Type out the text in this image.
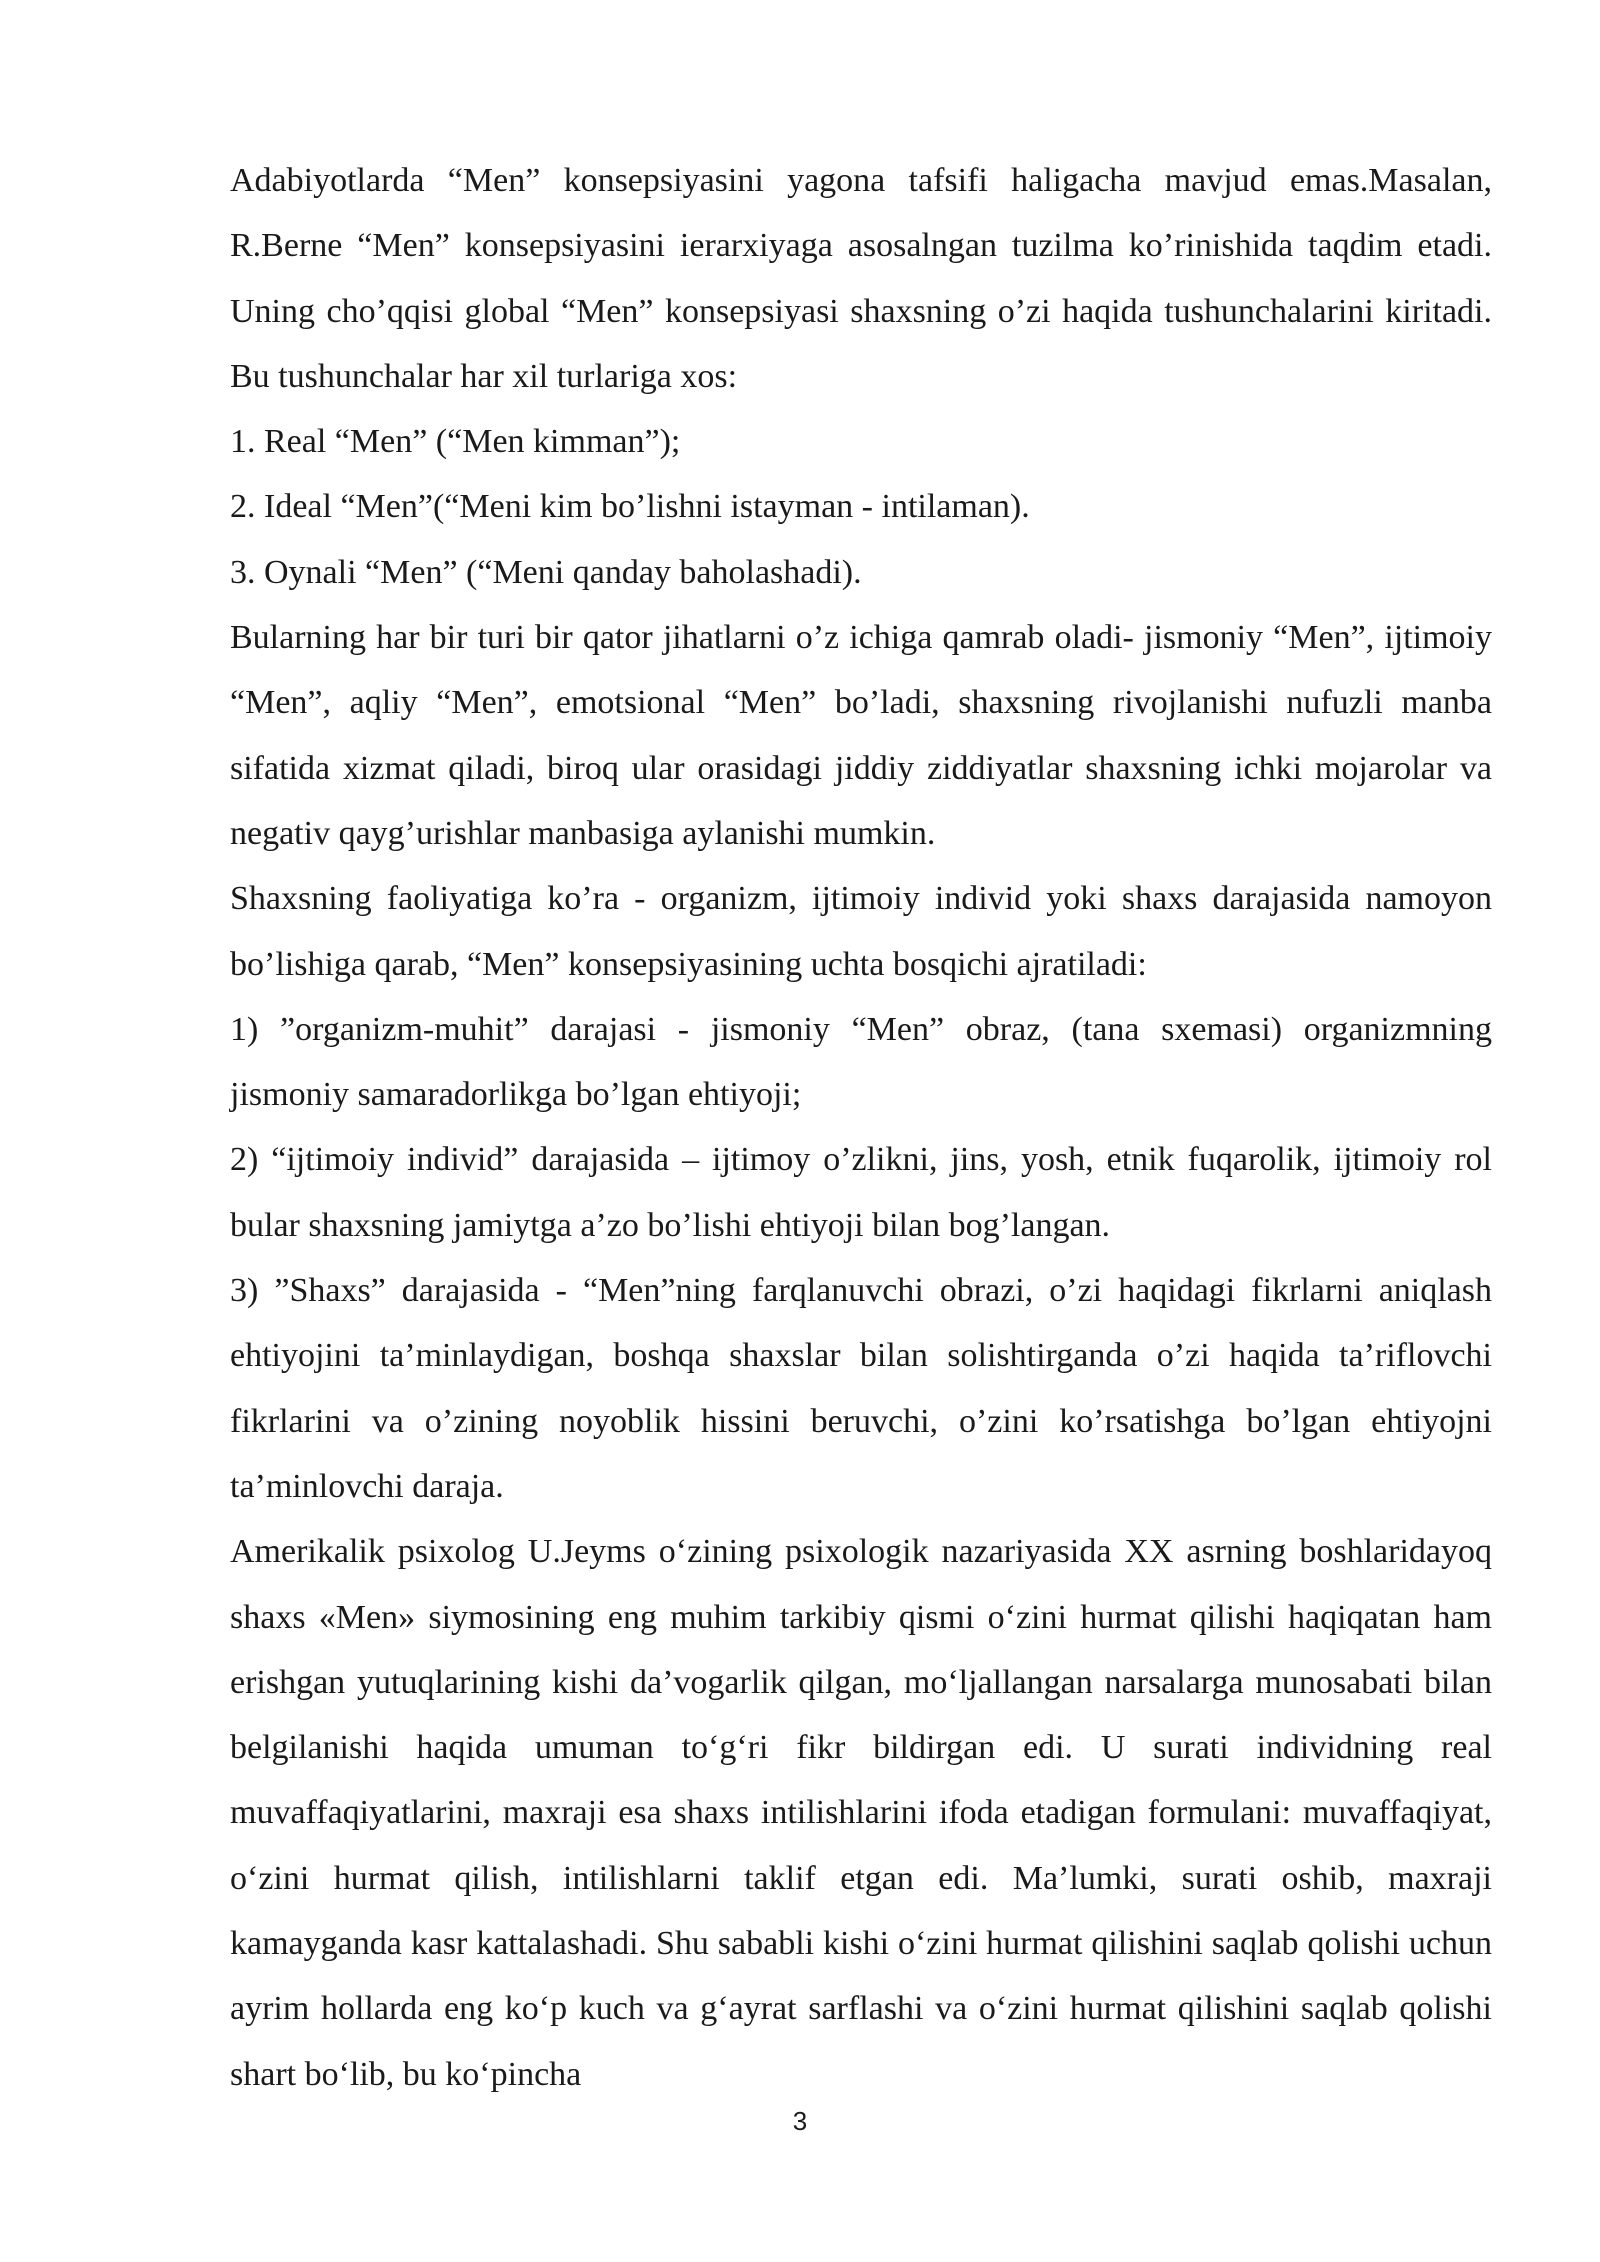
Adabiyotlarda “Men” konsepsiyasini yagona tafsifi haligacha mavjud emas.Masalan, R.Berne “Men” konsepsiyasini ierarxiyaga asosalngan tuzilma ko’rinishida taqdim etadi. Uning cho’qqisi global “Men” konsepsiyasi shaxsning o’zi haqida tushunchalarini kiritadi. Bu tushunchalar har xil turlariga xos:

1. Real “Men” (“Men kimman”);

2. Ideal “Men”(“Meni kim bo’lishni istayman - intilaman).

3. Oynali “Men” (“Meni qanday baholashadi).

Bularning har bir turi bir qator jihatlarni o’z ichiga qamrab oladi- jismoniy “Men”, ijtimoiy “Men”, aqliy “Men”, emotsional “Men” bo’ladi, shaxsning rivojlanishi nufuzli manba sifatida xizmat qiladi, biroq ular orasidagi jiddiy ziddiyatlar shaxsning ichki mojarolar va negativ qayg’urishlar manbasiga aylanishi mumkin.

Shaxsning faoliyatiga ko’ra - organizm, ijtimoiy individ yoki shaxs darajasida namoyon bo’lishiga qarab, “Men” konsepsiyasining uchta bosqichi ajratiladi:

1) ”organizm-muhit” darajasi - jismoniy “Men” obraz, (tana sxemasi) organizmning jismoniy samaradorlikga bo’lgan ehtiyoji;

2) “ijtimoiy individ” darajasida – ijtimoy o’zlikni, jins, yosh, etnik fuqarolik, ijtimoiy rol bular shaxsning jamiytga a’zo bo’lishi ehtiyoji bilan bog’langan.

3) ”Shaxs” darajasida - “Men”ning farqlanuvchi obrazi, o’zi haqidagi fikrlarni aniqlash ehtiyojini ta’minlaydigan, boshqa shaxslar bilan solishtirganda o’zi haqida ta’riflovchi fikrlarini va o’zining noyoblik hissini beruvchi, o’zini ko’rsatishga bo’lgan ehtiyojni ta’minlovchi daraja.

Amerikalik psixolog U.Jeyms o‘zining psixologik nazariyasida XX asrning boshlaridayoq shaxs «Men» siymosining eng muhim tarkibiy qismi o‘zini hurmat qilishi haqiqatan ham erishgan yutuqlarining kishi da’vogarlik qilgan, mo‘ljallangan narsalarga munosabati bilan belgilanishi haqida umuman to‘g‘ri fikr bildirgan edi. U surati individning real muvaffaqiyatlarini, maxraji esa shaxs intilishlarini ifoda etadigan formulani: muvaffaqiyat, o‘zini hurmat qilish, intilishlarni taklif etgan edi. Ma’lumki, surati oshib, maxraji kamayganda kasr kattalashadi. Shu sababli kishi o‘zini hurmat qilishini saqlab qolishi uchun ayrim hollarda eng ko‘p kuch va g‘ayrat sarflashi va o‘zini hurmat qilishini saqlab qolishi shart bo‘lib, bu ko‘pincha

3
